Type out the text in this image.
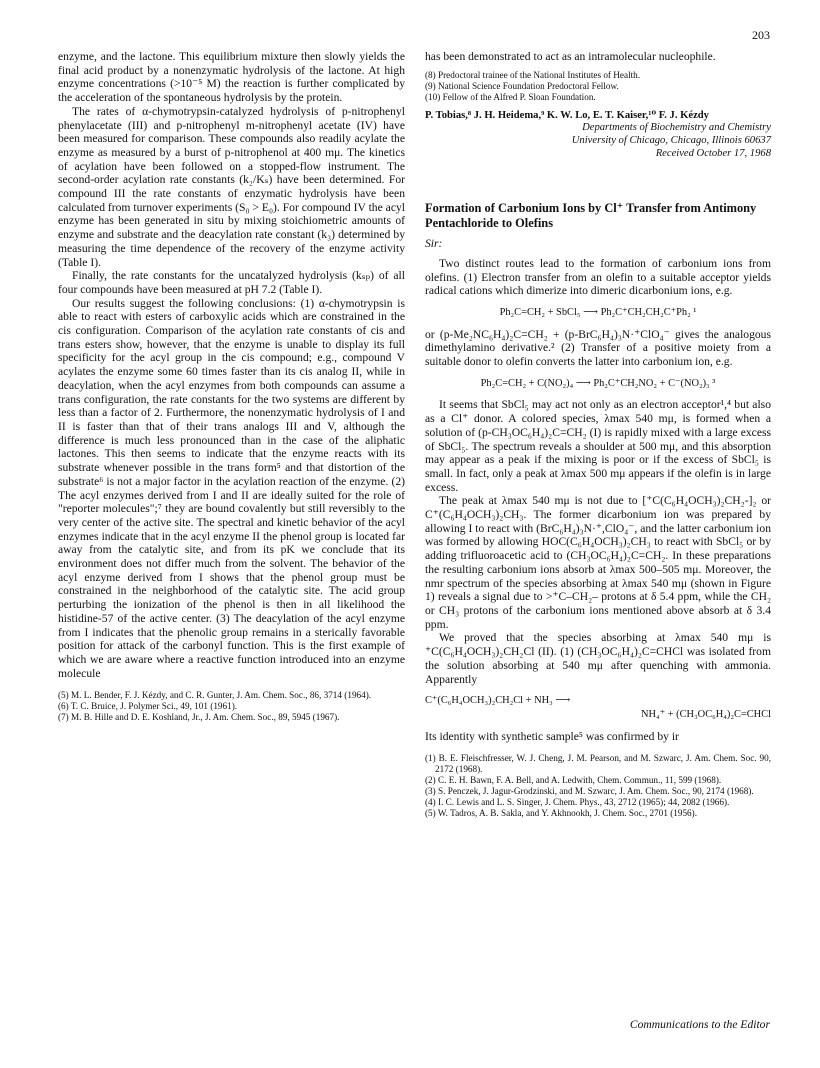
203

enzyme, and the lactone. This equilibrium mixture then slowly yields the final acid product by a nonenzymatic hydrolysis of the lactone. At high enzyme concentrations (>10⁻⁵ M) the reaction is further complicated by the acceleration of the spontaneous hydrolysis by the protein.

The rates of α-chymotrypsin-catalyzed hydrolysis of p-nitrophenyl phenylacetate (III) and p-nitrophenyl m-nitrophenyl acetate (IV) have been measured for comparison. These compounds also readily acylate the enzyme as measured by a burst of p-nitrophenol at 400 mμ. The kinetics of acylation have been followed on a stopped-flow instrument. The second-order acylation rate constants (k₂/Kₛ) have been determined. For compound III the rate constants of enzymatic hydrolysis have been calculated from turnover experiments (S₀ > E₀). For compound IV the acyl enzyme has been generated in situ by mixing stoichiometric amounts of enzyme and substrate and the deacylation rate constant (k₃) determined by measuring the time dependence of the recovery of the enzyme activity (Table I).

Finally, the rate constants for the uncatalyzed hydrolysis (kₛₚ) of all four compounds have been measured at pH 7.2 (Table I).

Our results suggest the following conclusions: (1) α-chymotrypsin is able to react with esters of carboxylic acids which are constrained in the cis configuration. Comparison of the acylation rate constants of cis and trans esters show, however, that the enzyme is unable to display its full specificity for the acyl group in the cis compound; e.g., compound V acylates the enzyme some 60 times faster than its cis analog II, while in deacylation, when the acyl enzymes from both compounds can assume a trans configuration, the rate constants for the two systems are different by less than a factor of 2. Furthermore, the nonenzymatic hydrolysis of I and II is faster than that of their trans analogs III and V, although the difference is much less pronounced than in the case of the aliphatic lactones. This then seems to indicate that the enzyme reacts with its substrate whenever possible in the trans form⁵ and that distortion of the substrate⁶ is not a major factor in the acylation reaction of the enzyme. (2) The acyl enzymes derived from I and II are ideally suited for the role of "reporter molecules";⁷ they are bound covalently but still reversibly to the very center of the active site. The spectral and kinetic behavior of the acyl enzymes indicate that in the acyl enzyme II the phenol group is located far away from the catalytic site, and from its pK we conclude that its environment does not differ much from the solvent. The behavior of the acyl enzyme derived from I shows that the phenol group must be constrained in the neighborhood of the catalytic site. The acid group perturbing the ionization of the phenol is then in all likelihood the histidine-57 of the active center. (3) The deacylation of the acyl enzyme from I indicates that the phenolic group remains in a sterically favorable position for attack of the carbonyl function. This is the first example of which we are aware where a reactive function introduced into an enzyme molecule

(5) M. L. Bender, F. J. Kézdy, and C. R. Gunter, J. Am. Chem. Soc., 86, 3714 (1964).

(6) T. C. Bruice, J. Polymer Sci., 49, 101 (1961).

(7) M. B. Hille and D. E. Koshland, Jr., J. Am. Chem. Soc., 89, 5945 (1967).

has been demonstrated to act as an intramolecular nucleophile.

(8) Predoctoral trainee of the National Institutes of Health.

(9) National Science Foundation Predoctoral Fellow.

(10) Fellow of the Alfred P. Sloan Foundation.

P. Tobias,⁸ J. H. Heidema,⁹ K. W. Lo, E. T. Kaiser,¹⁰ F. J. Kézdy

Departments of Biochemistry and Chemistry

University of Chicago, Chicago, Illinois 60637

Received October 17, 1968

Formation of Carbonium Ions by Cl⁺ Transfer from Antimony Pentachloride to Olefins

Sir:

Two distinct routes lead to the formation of carbonium ions from olefins. (1) Electron transfer from an olefin to a suitable acceptor yields radical cations which dimerize into dimeric dicarbonium ions, e.g.

Ph₂C=CH₂ + SbCl₅ ⟶ Ph₂C⁺CH₂CH₂C⁺Ph₂ ¹

or (p-Me₂NC₆H₄)₂C=CH₂ + (p-BrC₆H₄)₃N·⁺ClO₄⁻ gives the analogous dimethylamino derivative.² (2) Transfer of a positive moiety from a suitable donor to olefin converts the latter into carbonium ion, e.g.

Ph₂C=CH₂ + C(NO₂)₄ ⟶ Ph₂C⁺CH₂NO₂ + C⁻(NO₂)₃ ³

It seems that SbCl₅ may act not only as an electron acceptor¹,⁴ but also as a Cl⁺ donor. A colored species, λmax 540 mμ, is formed when a solution of (p-CH₃OC₆H₄)₂C=CH₂ (I) is rapidly mixed with a large excess of SbCl₅. The spectrum reveals a shoulder at 500 mμ, and this absorption may appear as a peak if the mixing is poor or if the excess of SbCl₅ is small. In fact, only a peak at λmax 500 mμ appears if the olefin is in large excess.

The peak at λmax 540 mμ is not due to [⁺C(C₆H₄OCH₃)₂CH₂-]₂ or C⁺(C₆H₄OCH₃)₂CH₃. The former dicarbonium ion was prepared by allowing I to react with (BrC₆H₄)₃N·⁺,ClO₄⁻, and the latter carbonium ion was formed by allowing HOC(C₆H₄OCH₃)₂CH₃ to react with SbCl₅ or by adding trifluoroacetic acid to (CH₃OC₆H₄)₂C=CH₂. In these preparations the resulting carbonium ions absorb at λmax 500–505 mμ. Moreover, the nmr spectrum of the species absorbing at λmax 540 mμ (shown in Figure 1) reveals a signal due to >⁺C–CH₂– protons at δ 5.4 ppm, while the CH₂ or CH₃ protons of the carbonium ions mentioned above absorb at δ 3.4 ppm.

We proved that the species absorbing at λmax 540 mμ is ⁺C(C₆H₄OCH₃)₂CH₂Cl (II). (1) (CH₃OC₆H₄)₂C=CHCl was isolated from the solution absorbing at 540 mμ after quenching with ammonia. Apparently

C⁺(C₆H₄OCH₃)₂CH₂Cl + NH₃ ⟶

NH₄⁺ + (CH₃OC₆H₄)₂C=CHCl

Its identity with synthetic sample⁵ was confirmed by ir

(1) B. E. Fleischfresser, W. J. Cheng, J. M. Pearson, and M. Szwarc, J. Am. Chem. Soc. 90, 2172 (1968).

(2) C. E. H. Bawn, F. A. Bell, and A. Ledwith, Chem. Commun., 11, 599 (1968).

(3) S. Penczek, J. Jagur-Grodzinski, and M. Szwarc, J. Am. Chem. Soc., 90, 2174 (1968).

(4) I. C. Lewis and L. S. Singer, J. Chem. Phys., 43, 2712 (1965); 44, 2082 (1966).

(5) W. Tadros, A. B. Sakla, and Y. Akhnookh, J. Chem. Soc., 2701 (1956).

Communications to the Editor
